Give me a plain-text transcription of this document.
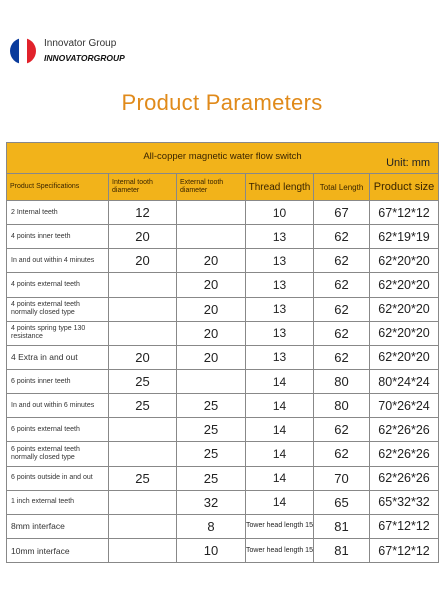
Innovator Group
INNOVATORGROUP
Product Parameters
All-copper magnetic water flow switch
Unit: mm					

Product Specifications	Internal tooth diameter	External tooth diameter	Thread length	Total Length	Product size
2 Internal teeth	12		10	67	67*12*12
4 points inner teeth	20		13	62	62*19*19
In and out within 4 minutes	20	20	13	62	62*20*20
4 points external teeth		20	13	62	62*20*20
4 points external teeth normally closed type		20	13	62	62*20*20
4 points spring type 130 resistance		20	13	62	62*20*20
4 Extra in and out	20	20	13	62	62*20*20
6 points inner teeth	25		14	80	80*24*24
In and out within 6 minutes	25	25	14	80	70*26*24
6 points external teeth		25	14	62	62*26*26
6 points external teeth normally closed type		25	14	62	62*26*26
6 points outside in and out	25	25	14	70	62*26*26
1 inch external teeth		32	14	65	65*32*32
8mm interface		8	Tower head length 15	81	67*12*12
10mm interface		10	Tower head length 15	81	67*12*12
